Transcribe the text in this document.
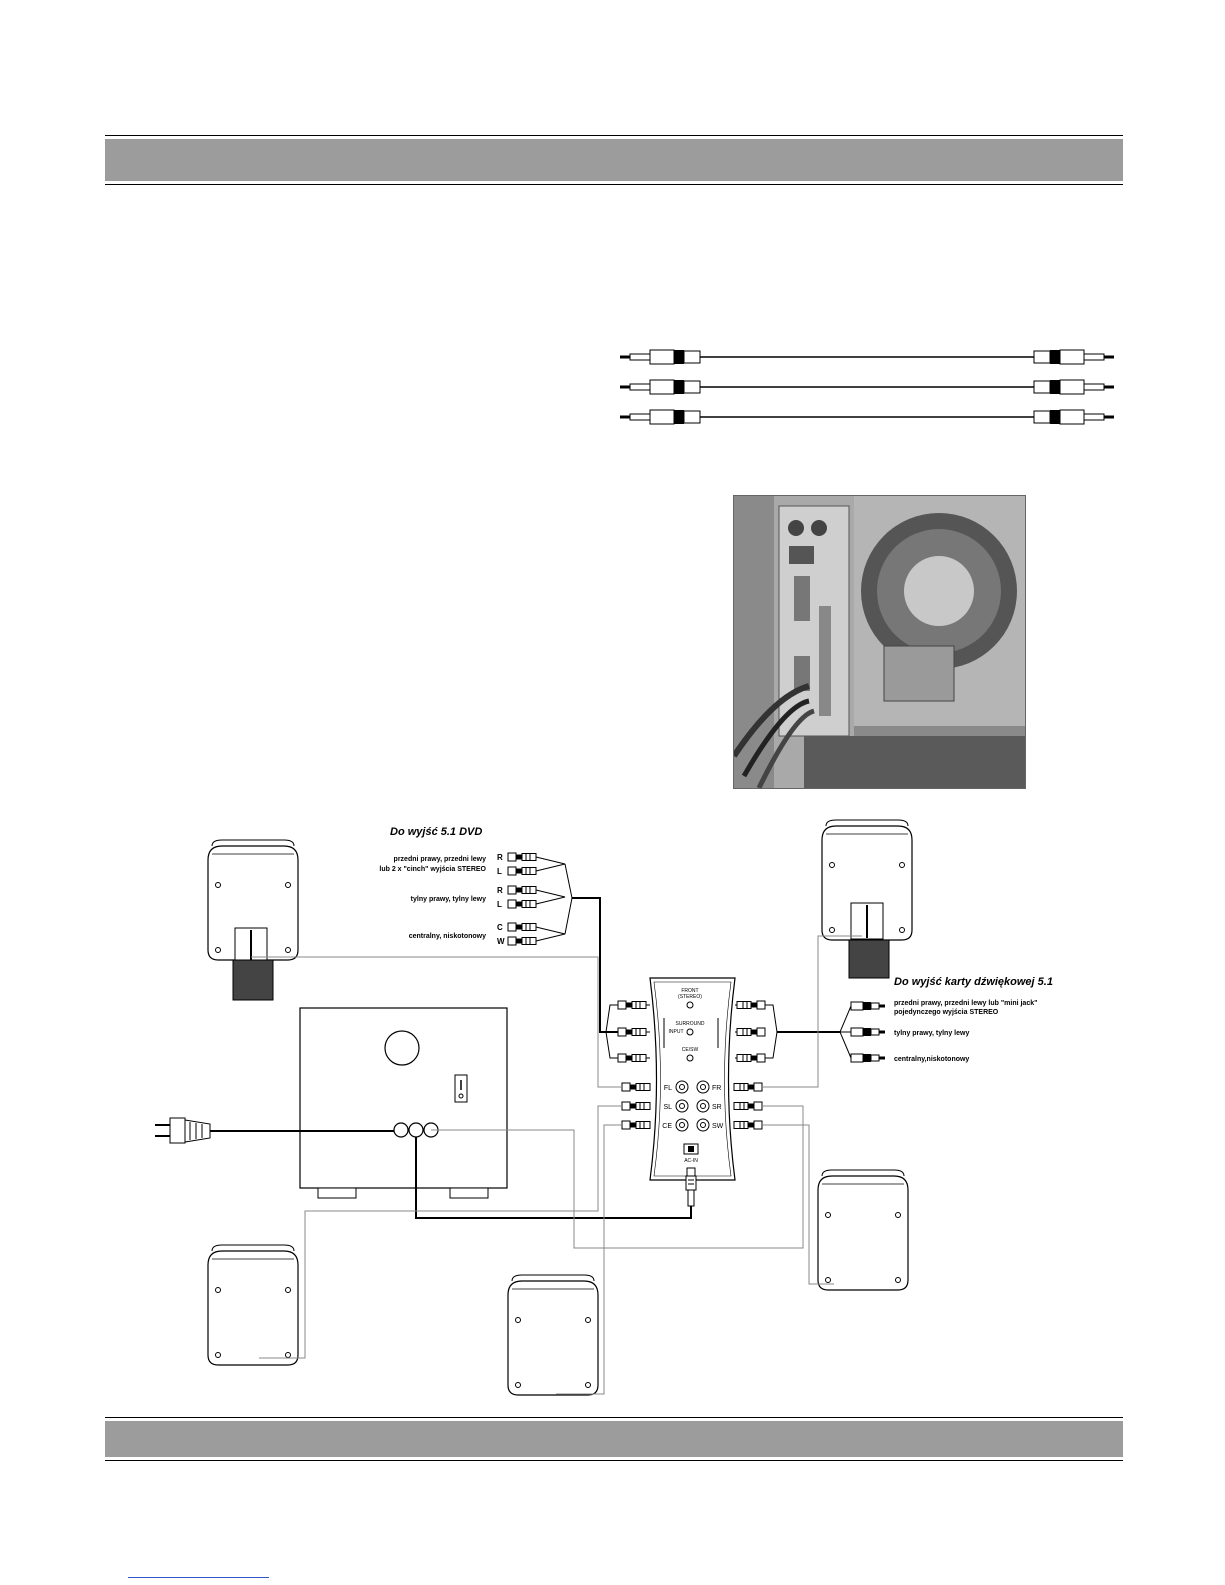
Do wyjść 5.1 DVD
przedni prawy, przedni lewy
lub 2 x "cinch" wyjścia STEREO
tylny prawy, tylny lewy
centralny, niskotonowy
R
L
R
L
C
W
Do wyjść karty dźwiękowej 5.1
przedni prawy, przedni lewy lub "mini jack"
pojedynczego wyjścia STEREO
tylny prawy, tylny lewy
centralny,niskotonowy
FRONT
(STEREO)
SURROUND
INPUT
CE/SW
FL	FR
SL	SR
CE	SW
AC-IN
